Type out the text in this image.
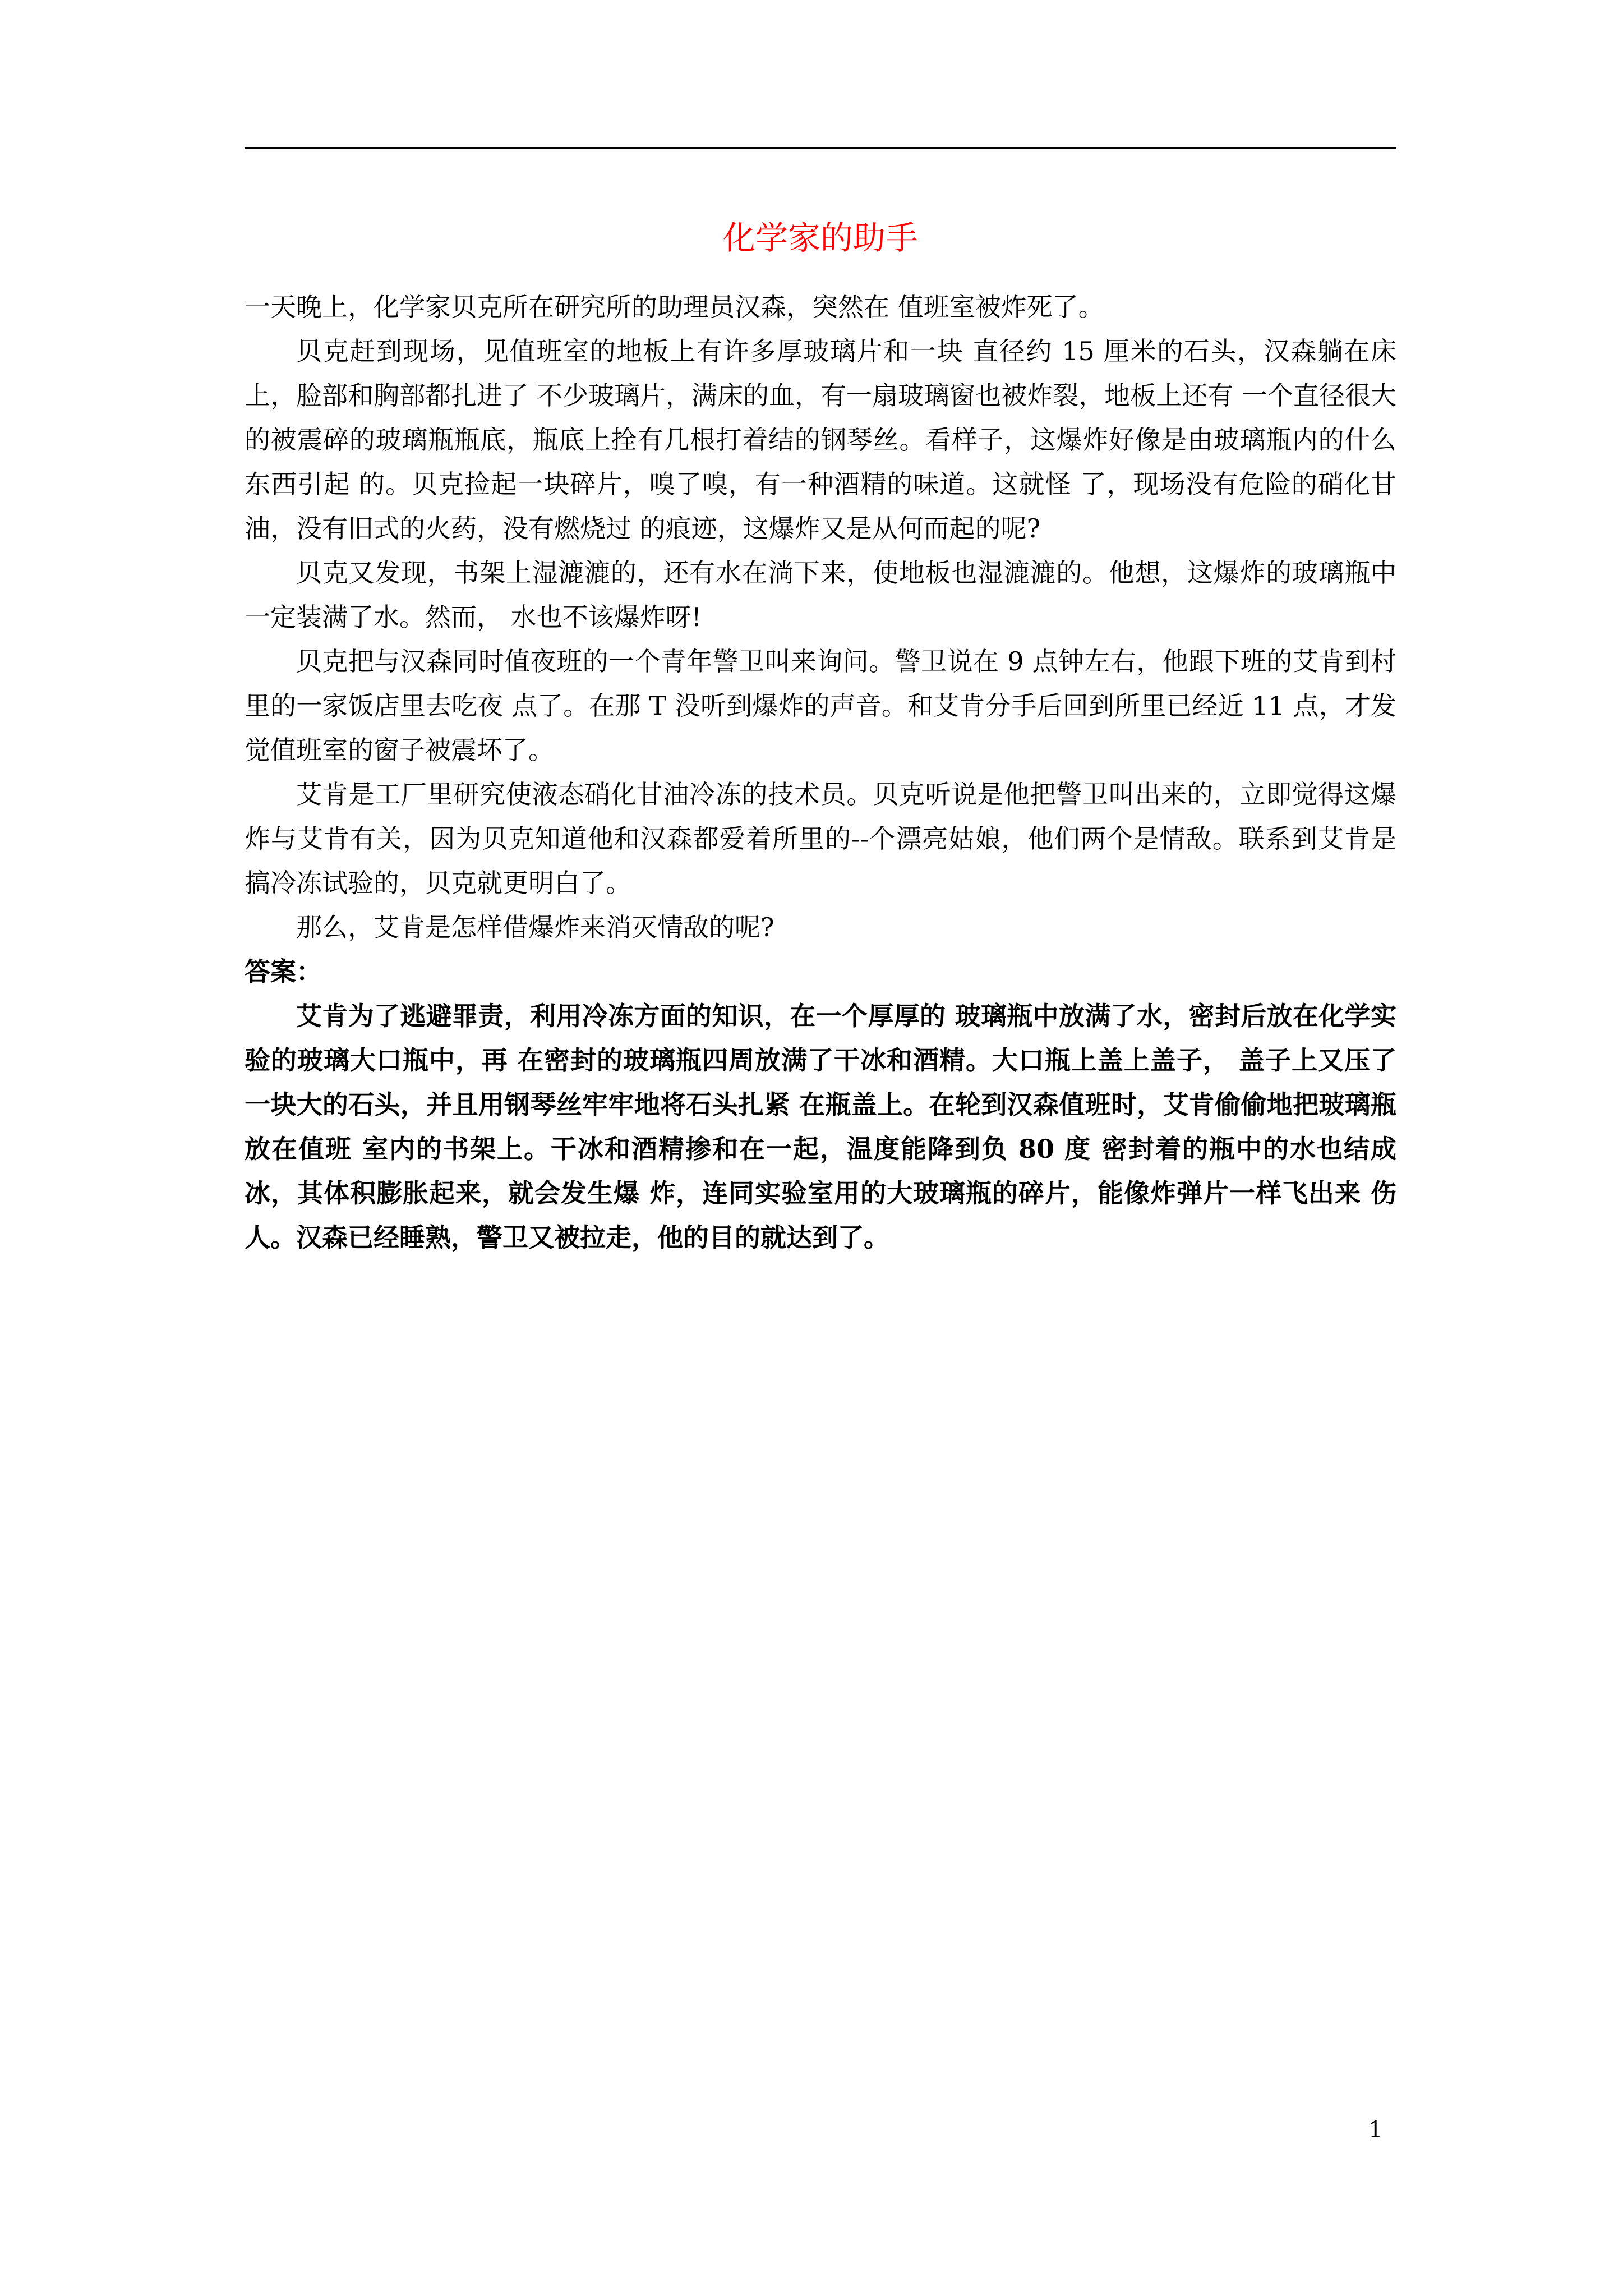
化学家的助手

一天晚上，化学家贝克所在研究所的助理员汉森，突然在 值班室被炸死了。

贝克赶到现场，见值班室的地板上有许多厚玻璃片和一块 直径约 15 厘米的石头，汉森躺在床上，脸部和胸部都扎进了 不少玻璃片，满床的血，有一扇玻璃窗也被炸裂，地板上还有 一个直径很大的被震碎的玻璃瓶瓶底，瓶底上拴有几根打着结的钢琴丝。看样子，这爆炸好像是由玻璃瓶内的什么东西引起 的。贝克捡起一块碎片，嗅了嗅，有一种酒精的味道。这就怪 了，现场没有危险的硝化甘油，没有旧式的火药，没有燃烧过 的痕迹，这爆炸又是从何而起的呢?

贝克又发现，书架上湿漉漉的，还有水在淌下来，使地板也湿漉漉的。他想，这爆炸的玻璃瓶中一定装满了水。然而， 水也不该爆炸呀!

贝克把与汉森同时值夜班的一个青年警卫叫来询问。警卫说在 9 点钟左右，他跟下班的艾肯到村里的一家饭店里去吃夜 点了。在那 T 没听到爆炸的声音。和艾肯分手后回到所里已经近 11 点，才发觉值班室的窗子被震坏了。

艾肯是工厂里研究使液态硝化甘油冷冻的技术员。贝克听说是他把警卫叫出来的，立即觉得这爆炸与艾肯有关，因为贝克知道他和汉森都爱着所里的--个漂亮姑娘，他们两个是情敌。联系到艾肯是搞冷冻试验的，贝克就更明白了。

那么，艾肯是怎样借爆炸来消灭情敌的呢?

答案：

艾肯为了逃避罪责，利用冷冻方面的知识，在一个厚厚的 玻璃瓶中放满了水，密封后放在化学实验的玻璃大口瓶中，再 在密封的玻璃瓶四周放满了干冰和酒精。大口瓶上盖上盖子， 盖子上又压了一块大的石头，并且用钢琴丝牢牢地将石头扎紧 在瓶盖上。在轮到汉森值班时，艾肯偷偷地把玻璃瓶放在值班 室内的书架上。干冰和酒精掺和在一起，温度能降到负 80 度 密封着的瓶中的水也结成冰，其体积膨胀起来，就会发生爆 炸，连同实验室用的大玻璃瓶的碎片，能像炸弹片一样飞出来 伤人。汉森已经睡熟，警卫又被拉走，他的目的就达到了。

1
